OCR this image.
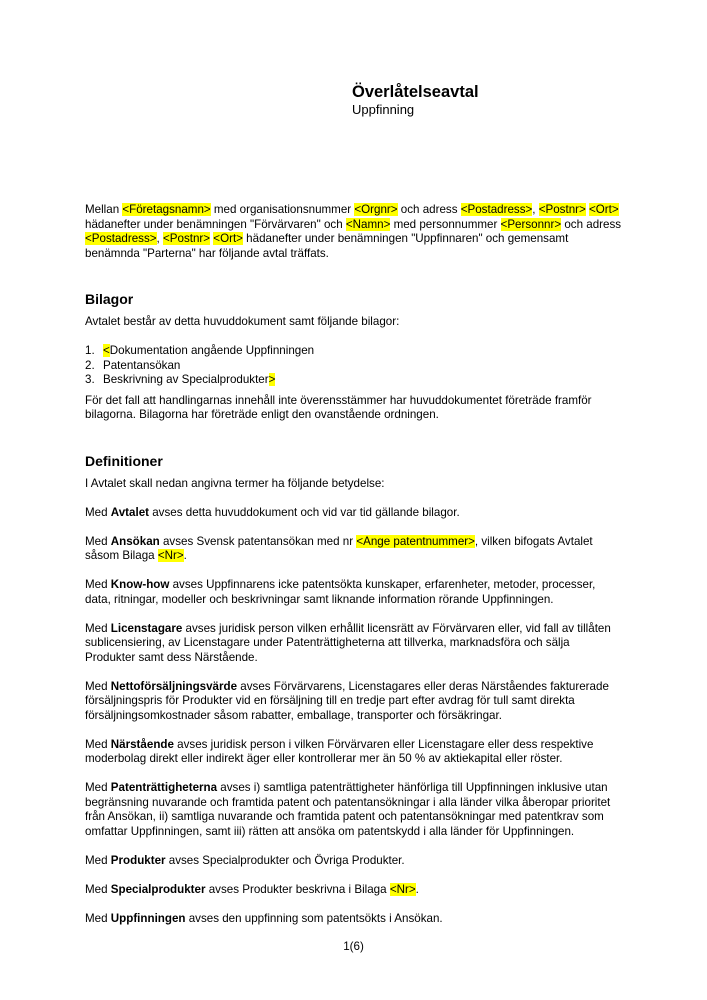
Överlåtelseavtal
Uppfinning

Mellan <Företagsnamn> med organisationsnummer <Orgnr> och adress <Postadress>, <Postnr> <Ort> hädanefter under benämningen "Förvärvaren" och <Namn> med personnummer <Personnr> och adress <Postadress>, <Postnr> <Ort> hädanefter under benämningen "Uppfinnaren" och gemensamt benämnda "Parterna" har följande avtal träffats.

Bilagor

Avtalet består av detta huvuddokument samt följande bilagor:

1. <Dokumentation angående Uppfinningen
2. Patentansökan
3. Beskrivning av Specialprodukter>

För det fall att handlingarnas innehåll inte överensstämmer har huvuddokumentet företräde framför bilagorna. Bilagorna har företräde enligt den ovanstående ordningen.

Definitioner

I Avtalet skall nedan angivna termer ha följande betydelse:

Med Avtalet avses detta huvuddokument och vid var tid gällande bilagor.

Med Ansökan avses Svensk patentansökan med nr <Ange patentnummer>, vilken bifogats Avtalet såsom Bilaga <Nr>.

Med Know-how avses Uppfinnarens icke patentsökta kunskaper, erfarenheter, metoder, processer, data, ritningar, modeller och beskrivningar samt liknande information rörande Uppfinningen.

Med Licenstagare avses juridisk person vilken erhållit licensrätt av Förvärvaren eller, vid fall av tillåten sublicensiering, av Licenstagare under Patenträttigheterna att tillverka, marknadsföra och sälja Produkter samt dess Närstående.

Med Nettoförsäljningsvärde avses Förvärvarens, Licenstagares eller deras Närståendes fakturerade försäljningspris för Produkter vid en försäljning till en tredje part efter avdrag för tull samt direkta försäljningsomkostnader såsom rabatter, emballage, transporter och försäkringar.

Med Närstående avses juridisk person i vilken Förvärvaren eller Licenstagare eller dess respektive moderbolag direkt eller indirekt äger eller kontrollerar mer än 50 % av aktiekapital eller röster.

Med Patenträttigheterna avses i) samtliga patenträttigheter hänförliga till Uppfinningen inklusive utan begränsning nuvarande och framtida patent och patentansökningar i alla länder vilka åberopar prioritet från Ansökan, ii) samtliga nuvarande och framtida patent och patentansökningar med patentkrav som omfattar Uppfinningen, samt iii) rätten att ansöka om patentskydd i alla länder för Uppfinningen.

Med Produkter avses Specialprodukter och Övriga Produkter.

Med Specialprodukter avses Produkter beskrivna i Bilaga <Nr>.

Med Uppfinningen avses den uppfinning som patentsökts i Ansökan.

1(6)
